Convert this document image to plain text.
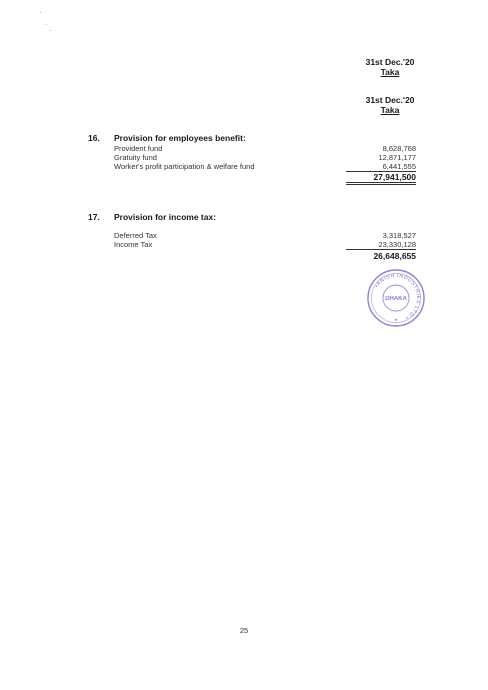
31st Dec.'20
Taka
31st Dec.'20
Taka
16. Provision for employees benefit:
Provident fund	8,628,768
Gratuity fund	12,871,177
Worker's profit participation & welfare fund	6,441,555
27,941,500
17. Provision for income tax:
Deferred Tax	3,318,527
Income Tax	23,330,128
26,648,655
•ANISH INDUSTRIES LTD.•
DHAKA
★
25
